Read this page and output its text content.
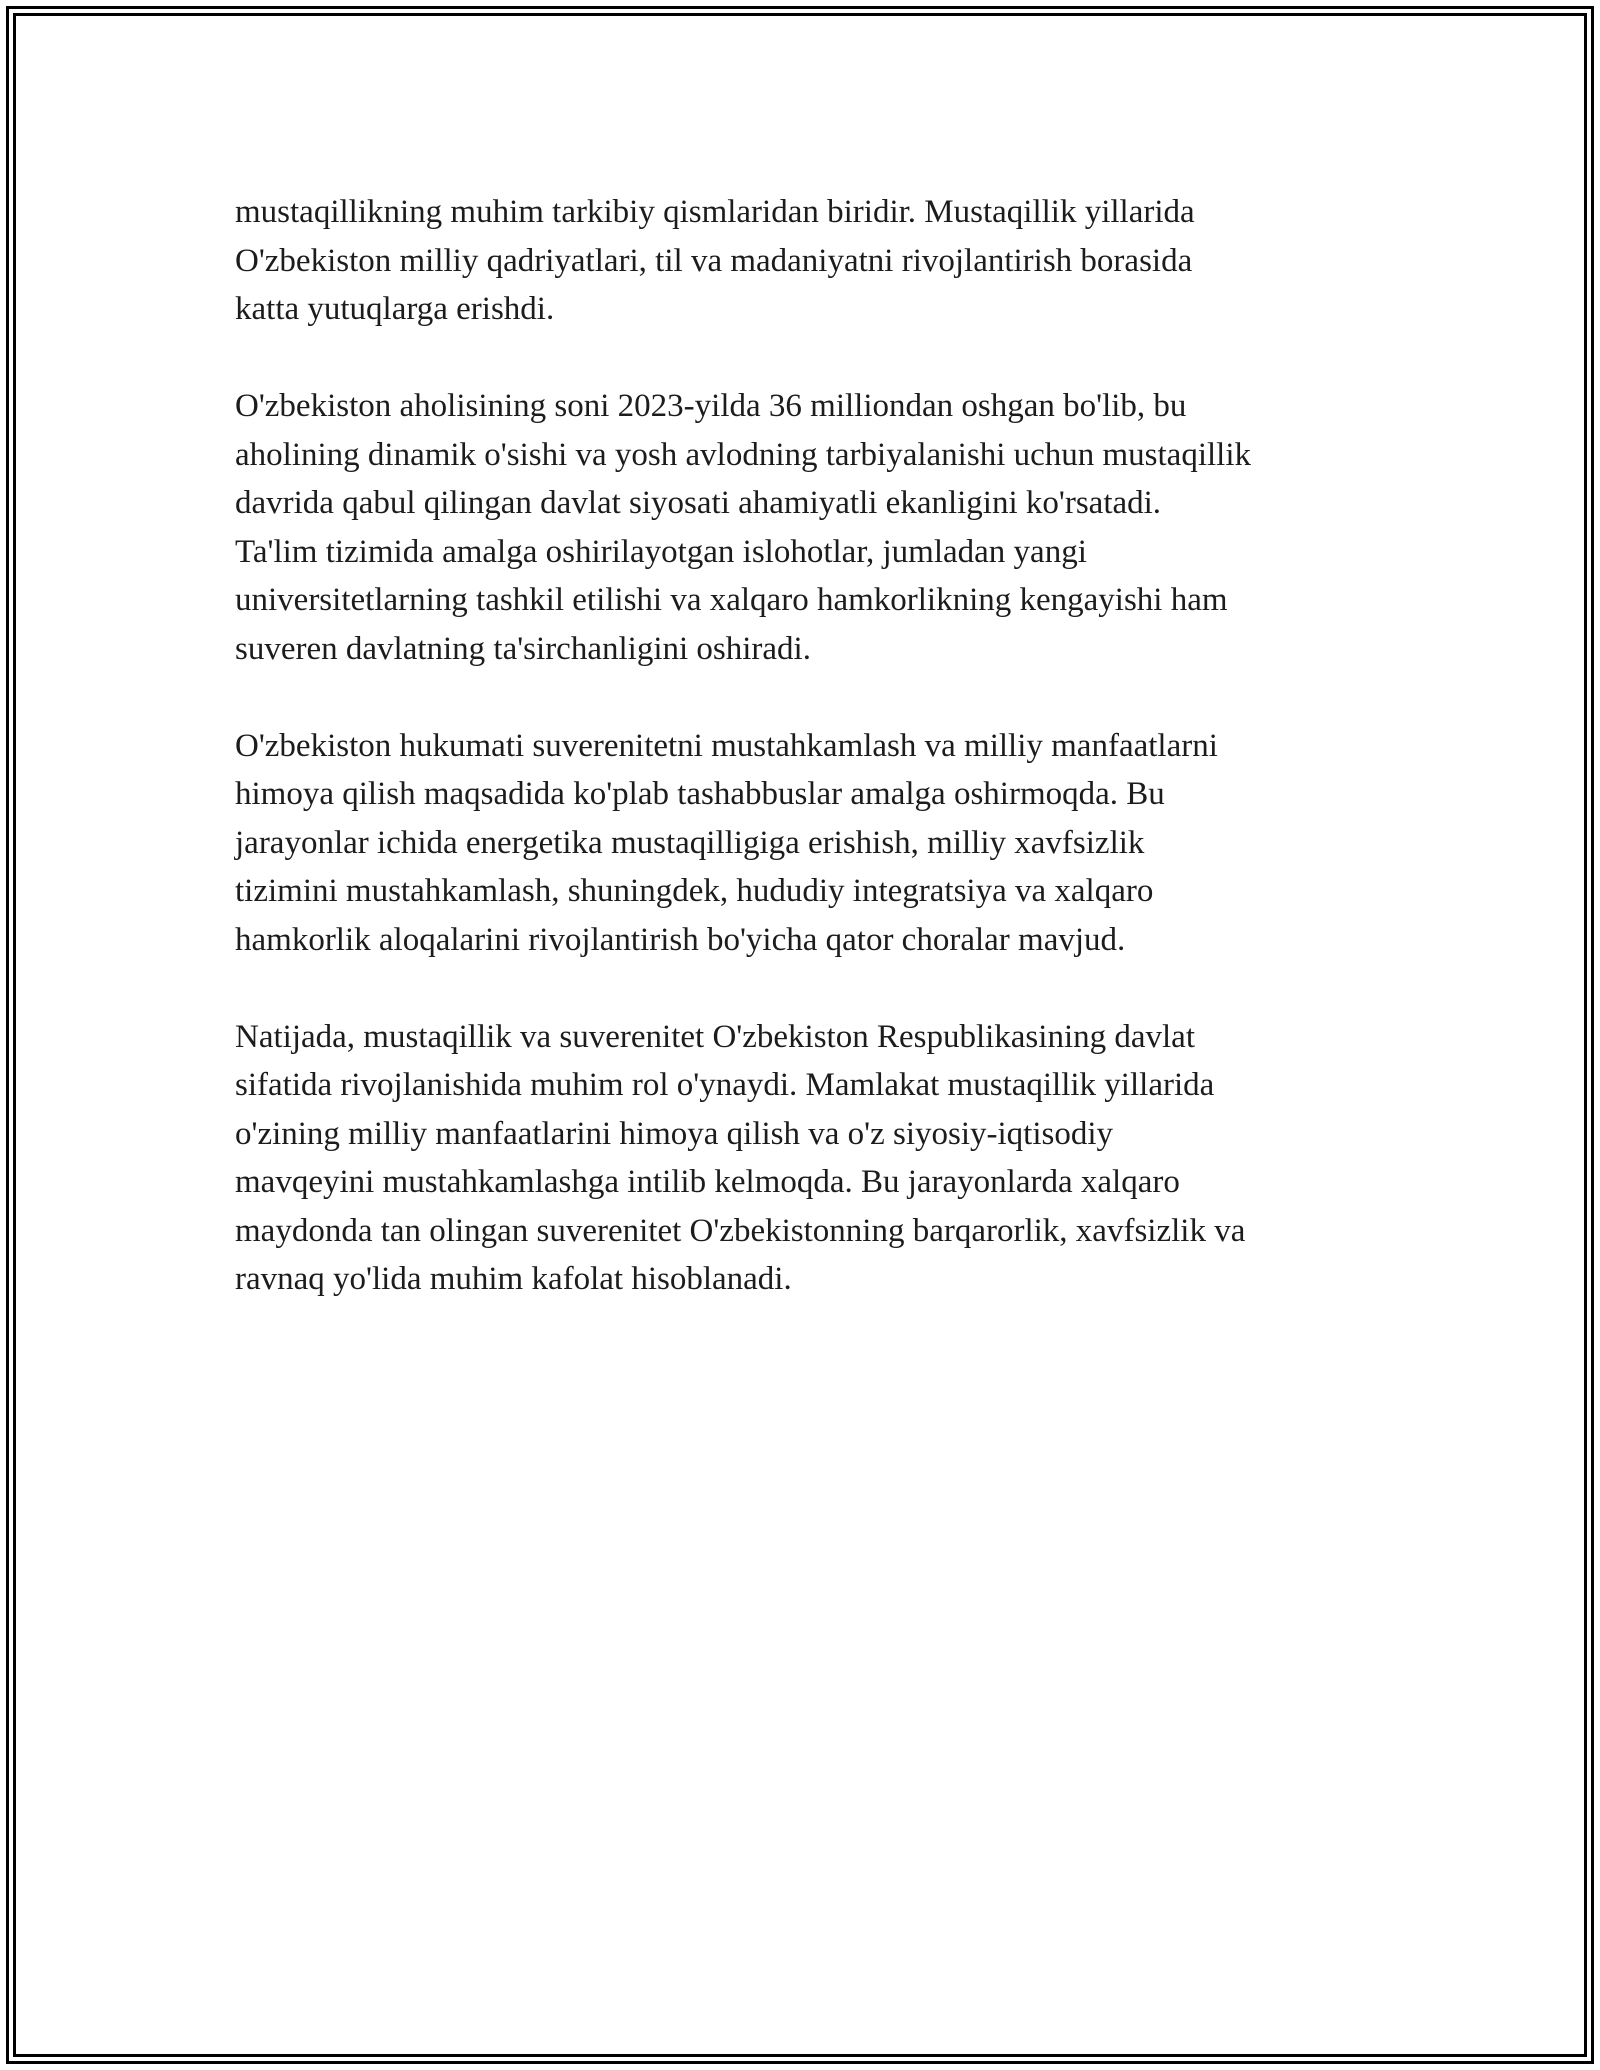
mustaqillikning muhim tarkibiy qismlaridan biridir. Mustaqillik yillarida
O'zbekiston milliy qadriyatlari, til va madaniyatni rivojlantirish borasida
katta yutuqlarga erishdi.

O'zbekiston aholisining soni 2023-yilda 36 milliondan oshgan bo'lib, bu
aholining dinamik o'sishi va yosh avlodning tarbiyalanishi uchun mustaqillik
davrida qabul qilingan davlat siyosati ahamiyatli ekanligini ko'rsatadi.
Ta'lim tizimida amalga oshirilayotgan islohotlar, jumladan yangi
universitetlarning tashkil etilishi va xalqaro hamkorlikning kengayishi ham
suveren davlatning ta'sirchanligini oshiradi.

O'zbekiston hukumati suverenitetni mustahkamlash va milliy manfaatlarni
himoya qilish maqsadida ko'plab tashabbuslar amalga oshirmoqda. Bu
jarayonlar ichida energetika mustaqilligiga erishish, milliy xavfsizlik
tizimini mustahkamlash, shuningdek, hududiy integratsiya va xalqaro
hamkorlik aloqalarini rivojlantirish bo'yicha qator choralar mavjud.

Natijada, mustaqillik va suverenitet O'zbekiston Respublikasining davlat
sifatida rivojlanishida muhim rol o'ynaydi. Mamlakat mustaqillik yillarida
o'zining milliy manfaatlarini himoya qilish va o'z siyosiy-iqtisodiy
mavqeyini mustahkamlashga intilib kelmoqda. Bu jarayonlarda xalqaro
maydonda tan olingan suverenitet O'zbekistonning barqarorlik, xavfsizlik va
ravnaq yo'lida muhim kafolat hisoblanadi.
